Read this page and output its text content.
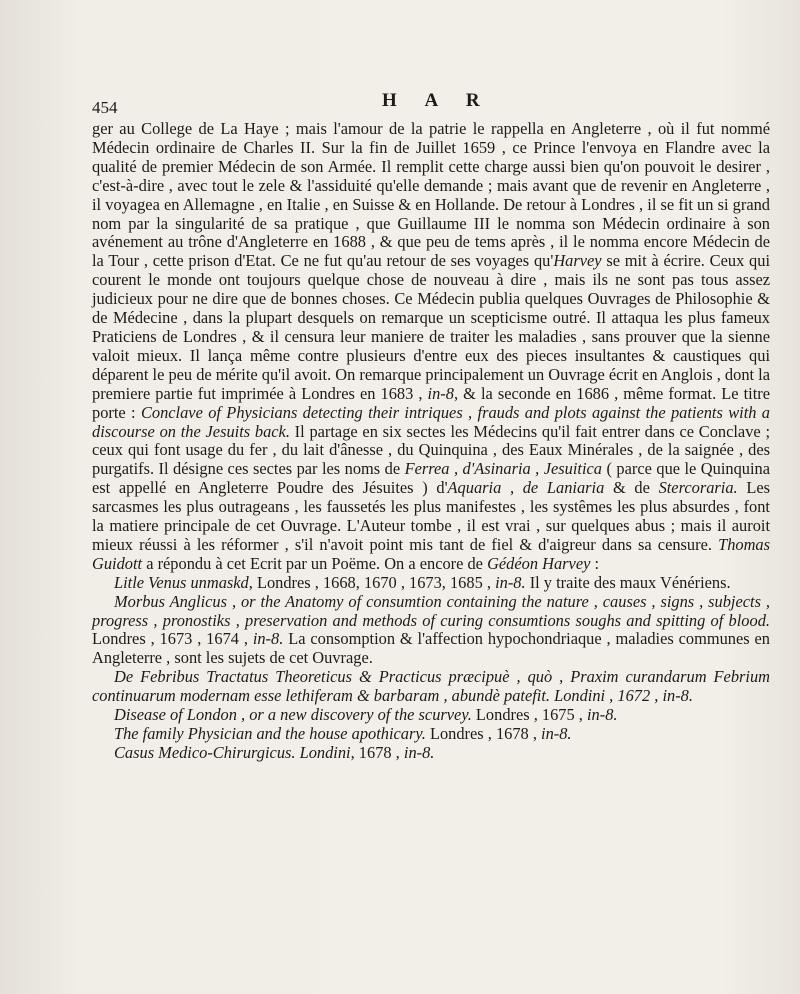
454	H A R

ger au College de La Haye ; mais l'amour de la patrie le rappella en Angleterre , où il fut nommé Médecin ordinaire de Charles II. Sur la fin de Juillet 1659 , ce Prince l'envoya en Flandre avec la qualité de premier Médecin de son Armée. Il remplit cette charge aussi bien qu'on pouvoit le desirer , c'est-à-dire , avec tout le zele & l'assiduité qu'elle demande ; mais avant que de revenir en Angleterre , il voyagea en Allemagne , en Italie , en Suisse & en Hollande. De retour à Londres , il se fit un si grand nom par la singularité de sa pratique , que Guillaume III le nomma son Médecin ordinaire à son avénement au trône d'Angleterre en 1688 , & que peu de tems après , il le nomma encore Médecin de la Tour , cette prison d'Etat. Ce ne fut qu'au retour de ses voyages qu'Harvey se mit à écrire. Ceux qui courent le monde ont toujours quelque chose de nouveau à dire , mais ils ne sont pas tous assez judicieux pour ne dire que de bonnes choses. Ce Médecin publia quelques Ouvrages de Philosophie & de Médecine , dans la plupart desquels on remarque un scepticisme outré. Il attaqua les plus fameux Praticiens de Londres , & il censura leur maniere de traiter les maladies , sans prouver que la sienne valoit mieux. Il lança même contre plusieurs d'entre eux des pieces insultantes & caustiques qui déparent le peu de mérite qu'il avoit. On remarque principalement un Ouvrage écrit en Anglois , dont la premiere partie fut imprimée à Londres en 1683 , in-8, & la seconde en 1686 , même format. Le titre porte : Conclave of Physicians detecting their intriques , frauds and plots against the patients with a discourse on the Jesuits back. Il partage en six sectes les Médecins qu'il fait entrer dans ce Conclave ; ceux qui font usage du fer , du lait d'ânesse , du Quinquina , des Eaux Minérales , de la saignée , des purgatifs. Il désigne ces sectes par les noms de Ferrea , d'Asinaria , Jesuitica ( parce que le Quinquina est appellé en Angleterre Poudre des Jésuites ) d'Aquaria , de Laniaria & de Stercoraria. Les sarcasmes les plus outrageans , les faussetés les plus manifestes , les systêmes les plus absurdes , font la matiere principale de cet Ouvrage. L'Auteur tombe , il est vrai , sur quelques abus ; mais il auroit mieux réussi à les réformer , s'il n'avoit point mis tant de fiel & d'aigreur dans sa censure. Thomas Guidott a répondu à cet Ecrit par un Poëme. On a encore de Gédéon Harvey :

Litle Venus unmaskd, Londres , 1668, 1670 , 1673, 1685 , in-8. Il y traite des maux Vénériens.

Morbus Anglicus , or the Anatomy of consumtion containing the nature , causes , signs , subjects , progress , pronostiks , preservation and methods of curing consumtions soughs and spitting of blood. Londres , 1673 , 1674 , in-8. La consomption & l'affection hypochondriaque , maladies communes en Angleterre , sont les sujets de cet Ouvrage.

De Febribus Tractatus Theoreticus & Practicus præcipuè , quò , Praxim curandarum Febrium continuarum modernam esse lethiferam & barbaram , abundè patefit. Londini , 1672 , in-8.

Disease of London , or a new discovery of the scurvey. Londres , 1675 , in-8.

The family Physician and the house apothicary. Londres , 1678 , in-8.

Casus Medico-Chirurgicus. Londini, 1678 , in-8.
